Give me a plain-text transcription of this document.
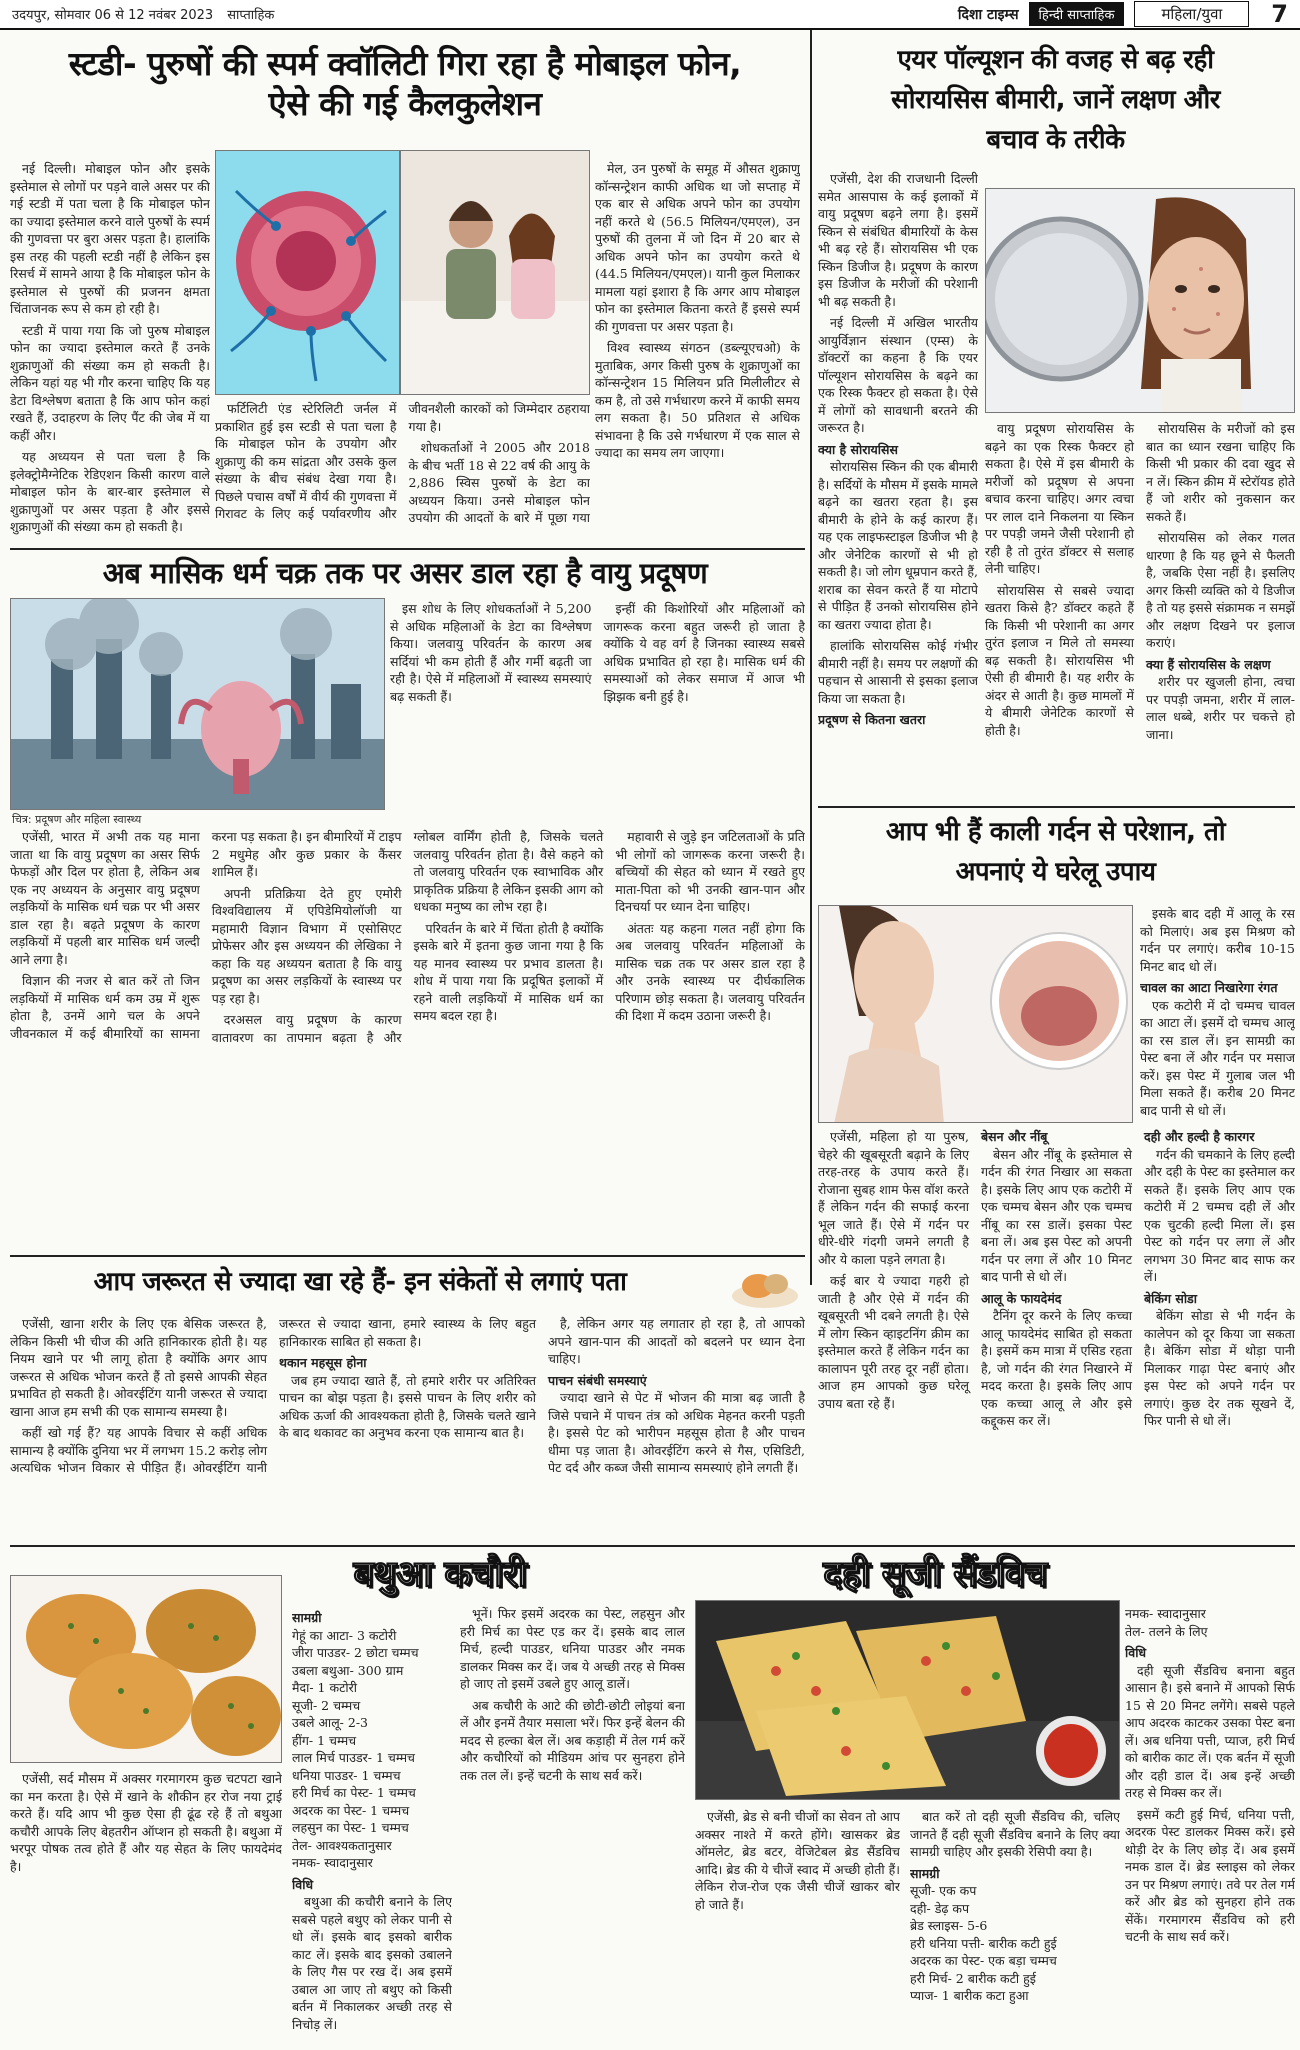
उदयपुर, सोमवार 06 से 12 नवंबर 2023 साप्ताहिक	दिशा टाइम्स	हिन्दी साप्ताहिक	महिला/युवा	7
स्टडी- पुरुषों की स्पर्म क्वॉलिटी गिरा रहा है मोबाइल फोन,
ऐसे की गई कैलकुलेशन

नई दिल्ली। मोबाइल फोन और इसके इस्तेमाल से लोगों पर पड़ने वाले असर पर की गई स्टडी में पता चला है कि मोबाइल फोन का ज्यादा इस्तेमाल करने वाले पुरुषों के स्पर्म की गुणवत्ता पर बुरा असर पड़ता है। हालांकि इस तरह की पहली स्टडी नहीं है लेकिन इस रिसर्च में सामने आया है कि मोबाइल फोन के इस्तेमाल से पुरुषों की प्रजनन क्षमता चिंताजनक रूप से कम हो रही है।

स्टडी में पाया गया कि जो पुरुष मोबाइल फोन का ज्यादा इस्तेमाल करते हैं उनके शुक्राणुओं की संख्या कम हो सकती है। लेकिन यहां यह भी गौर करना चाहिए कि यह डेटा विश्लेषण बताता है कि आप फोन कहां रखते हैं, उदाहरण के लिए पैंट की जेब में या कहीं और।

यह अध्ययन से पता चला है कि इलेक्ट्रोमैग्नेटिक रेडिएशन किसी कारण वाले मोबाइल फोन के बार-बार इस्तेमाल से शुक्राणुओं पर असर पड़ता है और इससे शुक्राणुओं की संख्या कम हो सकती है।

मेल, उन पुरुषों के समूह में औसत शुक्राणु कॉन्सन्ट्रेशन काफी अधिक था जो सप्ताह में एक बार से अधिक अपने फोन का उपयोग नहीं करते थे (56.5 मिलियन/एमएल), उन पुरुषों की तुलना में जो दिन में 20 बार से अधिक अपने फोन का उपयोग करते थे (44.5 मिलियन/एमएल)। यानी कुल मिलाकर मामला यहां इशारा है कि अगर आप मोबाइल फोन का इस्तेमाल कितना करते हैं इससे स्पर्म की गुणवत्ता पर असर पड़ता है।

विश्व स्वास्थ्य संगठन (डब्ल्यूएचओ) के मुताबिक, अगर किसी पुरुष के शुक्राणुओं का कॉन्सन्ट्रेशन 15 मिलियन प्रति मिलीलीटर से कम है, तो उसे गर्भधारण करने में काफी समय लग सकता है। 50 प्रतिशत से अधिक संभावना है कि उसे गर्भधारण में एक साल से ज्यादा का समय लग जाएगा।

फर्टिलिटी एंड स्टेरिलिटी जर्नल में प्रकाशित हुई इस स्टडी से पता चला है कि मोबाइल फोन के उपयोग और शुक्राणु की कम सांद्रता और उसके कुल संख्या के बीच संबंध देखा गया है। पिछले पचास वर्षों में वीर्य की गुणवत्ता में गिरावट के लिए कई पर्यावरणीय और जीवनशैली कारकों को जिम्मेदार ठहराया गया है।

शोधकर्ताओं ने 2005 और 2018 के बीच भर्ती 18 से 22 वर्ष की आयु के 2,886 स्विस पुरुषों के डेटा का अध्ययन किया। उनसे मोबाइल फोन उपयोग की आदतों के बारे में पूछा गया

अब मासिक धर्म चक्र तक पर असर डाल रहा है वायु प्रदूषण
चित्र: प्रदूषण और महिला स्वास्थ्य

इस शोध के लिए शोधकर्ताओं ने 5,200 से अधिक महिलाओं के डेटा का विश्लेषण किया। जलवायु परिवर्तन के कारण अब सर्दियां भी कम होती हैं और गर्मी बढ़ती जा रही है। ऐसे में महिलाओं में स्वास्थ्य समस्याएं बढ़ सकती हैं।

इन्हीं की किशोरियों और महिलाओं को जागरूक करना बहुत जरूरी हो जाता है क्योंकि ये वह वर्ग है जिनका स्वास्थ्य सबसे अधिक प्रभावित हो रहा है। मासिक धर्म की समस्याओं को लेकर समाज में आज भी झिझक बनी हुई है।

एजेंसी, भारत में अभी तक यह माना जाता था कि वायु प्रदूषण का असर सिर्फ फेफड़ों और दिल पर होता है, लेकिन अब एक नए अध्ययन के अनुसार वायु प्रदूषण लड़कियों के मासिक धर्म चक्र पर भी असर डाल रहा है। बढ़ते प्रदूषण के कारण लड़कियों में पहली बार मासिक धर्म जल्दी आने लगा है।

विज्ञान की नजर से बात करें तो जिन लड़कियों में मासिक धर्म कम उम्र में शुरू होता है, उनमें आगे चल के अपने जीवनकाल में कई बीमारियों का सामना करना पड़ सकता है। इन बीमारियों में टाइप 2 मधुमेह और कुछ प्रकार के कैंसर शामिल हैं।

अपनी प्रतिक्रिया देते हुए एमोरी विश्वविद्यालय में एपिडेमियोलॉजी या महामारी विज्ञान विभाग में एसोसिएट प्रोफेसर और इस अध्ययन की लेखिका ने कहा कि यह अध्ययन बताता है कि वायु प्रदूषण का असर लड़कियों के स्वास्थ्य पर पड़ रहा है।

दरअसल वायु प्रदूषण के कारण वातावरण का तापमान बढ़ता है और ग्लोबल वार्मिंग होती है, जिसके चलते जलवायु परिवर्तन होता है। वैसे कहने को तो जलवायु परिवर्तन एक स्वाभाविक और प्राकृतिक प्रक्रिया है लेकिन इसकी आग को धधका मनुष्य का लोभ रहा है।

परिवर्तन के बारे में चिंता होती है क्योंकि इसके बारे में इतना कुछ जाना गया है कि यह मानव स्वास्थ्य पर प्रभाव डालता है। शोध में पाया गया कि प्रदूषित इलाकों में रहने वाली लड़कियों में मासिक धर्म का समय बदल रहा है।

महावारी से जुड़े इन जटिलताओं के प्रति भी लोगों को जागरूक करना जरूरी है। बच्चियों की सेहत को ध्यान में रखते हुए माता-पिता को भी उनकी खान-पान और दिनचर्या पर ध्यान देना चाहिए।

अंततः यह कहना गलत नहीं होगा कि अब जलवायु परिवर्तन महिलाओं के मासिक चक्र तक पर असर डाल रहा है और उनके स्वास्थ्य पर दीर्घकालिक परिणाम छोड़ सकता है। जलवायु परिवर्तन की दिशा में कदम उठाना जरूरी है।

आप जरूरत से ज्यादा खा रहे हैं- इन संकेतों से लगाएं पता

एजेंसी, खाना शरीर के लिए एक बेसिक जरूरत है, लेकिन किसी भी चीज की अति हानिकारक होती है। यह नियम खाने पर भी लागू होता है क्योंकि अगर आप जरूरत से अधिक भोजन करते हैं तो इससे आपकी सेहत प्रभावित हो सकती है। ओवरईटिंग यानी जरूरत से ज्यादा खाना आज हम सभी की एक सामान्य समस्या है।

कहीं खो गई हैं? यह आपके विचार से कहीं अधिक सामान्य है क्योंकि दुनिया भर में लगभग 15.2 करोड़ लोग अत्यधिक भोजन विकार से पीड़ित हैं। ओवरईटिंग यानी जरूरत से ज्यादा खाना, हमारे स्वास्थ्य के लिए बहुत हानिकारक साबित हो सकता है।

थकान महसूस होना

जब हम ज्यादा खाते हैं, तो हमारे शरीर पर अतिरिक्त पाचन का बोझ पड़ता है। इससे पाचन के लिए शरीर को अधिक ऊर्जा की आवश्यकता होती है, जिसके चलते खाने के बाद थकावट का अनुभव करना एक सामान्य बात है।

है, लेकिन अगर यह लगातार हो रहा है, तो आपको अपने खान-पान की आदतों को बदलने पर ध्यान देना चाहिए।

पाचन संबंधी समस्याएं

ज्यादा खाने से पेट में भोजन की मात्रा बढ़ जाती है जिसे पचाने में पाचन तंत्र को अधिक मेहनत करनी पड़ती है। इससे पेट को भारीपन महसूस होता है और पाचन धीमा पड़ जाता है। ओवरईटिंग करने से गैस, एसिडिटी, पेट दर्द और कब्ज जैसी सामान्य समस्याएं होने लगती हैं।

एयर पॉल्यूशन की वजह से बढ़ रही
सोरायसिस बीमारी, जानें लक्षण और
बचाव के तरीके

एजेंसी, देश की राजधानी दिल्ली समेत आसपास के कई इलाकों में वायु प्रदूषण बढ़ने लगा है। इसमें स्किन से संबंधित बीमारियों के केस भी बढ़ रहे हैं। सोरायसिस भी एक स्किन डिजीज है। प्रदूषण के कारण इस डिजीज के मरीजों की परेशानी भी बढ़ सकती है।

नई दिल्ली में अखिल भारतीय आयुर्विज्ञान संस्थान (एम्स) के डॉक्टरों का कहना है कि एयर पॉल्यूशन सोरायसिस के बढ़ने का एक रिस्क फैक्टर हो सकता है। ऐसे में लोगों को सावधानी बरतने की जरूरत है।

क्या है सोरायसिस

सोरायसिस स्किन की एक बीमारी है। सर्दियों के मौसम में इसके मामले बढ़ने का खतरा रहता है। इस बीमारी के होने के कई कारण हैं। यह एक लाइफस्टाइल डिजीज भी है और जेनेटिक कारणों से भी हो सकती है। जो लोग धूम्रपान करते हैं, शराब का सेवन करते हैं या मोटापे से पीड़ित हैं उनको सोरायसिस होने का खतरा ज्यादा होता है।

हालांकि सोरायसिस कोई गंभीर बीमारी नहीं है। समय पर लक्षणों की पहचान से आसानी से इसका इलाज किया जा सकता है।

प्रदूषण से कितना खतरा

वायु प्रदूषण सोरायसिस के बढ़ने का एक रिस्क फैक्टर हो सकता है। ऐसे में इस बीमारी के मरीजों को प्रदूषण से अपना बचाव करना चाहिए। अगर त्वचा पर लाल दाने निकलना या स्किन पर पपड़ी जमने जैसी परेशानी हो रही है तो तुरंत डॉक्टर से सलाह लेनी चाहिए।

सोरायसिस से सबसे ज्यादा खतरा किसे है? डॉक्टर कहते हैं कि किसी भी परेशानी का अगर तुरंत इलाज न मिले तो समस्या बढ़ सकती है। सोरायसिस भी ऐसी ही बीमारी है। यह शरीर के अंदर से आती है। कुछ मामलों में ये बीमारी जेनेटिक कारणों से होती है।

सोरायसिस के मरीजों को इस बात का ध्यान रखना चाहिए कि किसी भी प्रकार की दवा खुद से न लें। स्किन क्रीम में स्टेरॉयड होते हैं जो शरीर को नुकसान कर सकते हैं।

सोरायसिस को लेकर गलत धारणा है कि यह छूने से फैलती है, जबकि ऐसा नहीं है। इसलिए अगर किसी व्यक्ति को ये डिजीज है तो यह इससे संक्रामक न समझें और लक्षण दिखने पर इलाज कराएं।

क्या हैं सोरायसिस के लक्षण

शरीर पर खुजली होना, त्वचा पर पपड़ी जमना, शरीर में लाल-लाल धब्बे, शरीर पर चकत्ते हो जाना।

आप भी हैं काली गर्दन से परेशान, तो
अपनाएं ये घरेलू उपाय

इसके बाद दही में आलू के रस को मिलाएं। अब इस मिश्रण को गर्दन पर लगाएं। करीब 10-15 मिनट बाद धो लें।

चावल का आटा निखारेगा रंगत

एक कटोरी में दो चम्मच चावल का आटा लें। इसमें दो चम्मच आलू का रस डाल लें। इन सामग्री का पेस्ट बना लें और गर्दन पर मसाज करें। इस पेस्ट में गुलाब जल भी मिला सकते हैं। करीब 20 मिनट बाद पानी से धो लें।

एजेंसी, महिला हो या पुरुष, चेहरे की खूबसूरती बढ़ाने के लिए तरह-तरह के उपाय करते हैं। रोजाना सुबह शाम फेस वॉश करते हैं लेकिन गर्दन की सफाई करना भूल जाते हैं। ऐसे में गर्दन पर धीरे-धीरे गंदगी जमने लगती है और ये काला पड़ने लगता है।

कई बार ये ज्यादा गहरी हो जाती है और ऐसे में गर्दन की खूबसूरती भी दबने लगती है। ऐसे में लोग स्किन व्हाइटनिंग क्रीम का इस्तेमाल करते हैं लेकिन गर्दन का कालापन पूरी तरह दूर नहीं होता। आज हम आपको कुछ घरेलू उपाय बता रहे हैं।

बेसन और नींबू

बेसन और नींबू के इस्तेमाल से गर्दन की रंगत निखार आ सकता है। इसके लिए आप एक कटोरी में एक चम्मच बेसन और एक चम्मच नींबू का रस डालें। इसका पेस्ट बना लें। अब इस पेस्ट को अपनी गर्दन पर लगा लें और 10 मिनट बाद पानी से धो लें।

आलू के फायदेमंद

टैनिंग दूर करने के लिए कच्चा आलू फायदेमंद साबित हो सकता है। इसमें कम मात्रा में एसिड रहता है, जो गर्दन की रंगत निखारने में मदद करता है। इसके लिए आप एक कच्चा आलू ले और इसे कद्दूकस कर लें।

दही और हल्दी है कारगर

गर्दन की चमकाने के लिए हल्दी और दही के पेस्ट का इस्तेमाल कर सकते हैं। इसके लिए आप एक कटोरी में 2 चम्मच दही लें और एक चुटकी हल्दी मिला लें। इस पेस्ट को गर्दन पर लगा लें और लगभग 30 मिनट बाद साफ कर लें।

बेकिंग सोडा

बेकिंग सोडा से भी गर्दन के कालेपन को दूर किया जा सकता है। बेकिंग सोडा में थोड़ा पानी मिलाकर गाढ़ा पेस्ट बनाएं और इस पेस्ट को अपने गर्दन पर लगाएं। कुछ देर तक सूखने दें, फिर पानी से धो लें।

बथुआ कचौरी

एजेंसी, सर्द मौसम में अक्सर गरमागरम कुछ चटपटा खाने का मन करता है। ऐसे में खाने के शौकीन हर रोज नया ट्राई करते हैं। यदि आप भी कुछ ऐसा ही ढूंढ रहे हैं तो बथुआ कचौरी आपके लिए बेहतरीन ऑप्शन हो सकती है। बथुआ में भरपूर पोषक तत्व होते हैं और यह सेहत के लिए फायदेमंद है।

सामग्री
गेहूं का आटा- 3 कटोरी
जीरा पाउडर- 2 छोटा चम्मच
उबला बथुआ- 300 ग्राम
मैदा- 1 कटोरी
सूजी- 2 चम्मच
उबले आलू- 2-3
हींग- 1 चम्मच
लाल मिर्च पाउडर- 1 चम्मच
धनिया पाउडर- 1 चम्मच
हरी मिर्च का पेस्ट- 1 चम्मच
अदरक का पेस्ट- 1 चम्मच
लहसुन का पेस्ट- 1 चम्मच
तेल- आवश्यकतानुसार
नमक- स्वादानुसार
विधि

बथुआ की कचौरी बनाने के लिए सबसे पहले बथुए को लेकर पानी से धो लें। इसके बाद इसको बारीक काट लें। इसके बाद इसको उबालने के लिए गैस पर रख दें। अब इसमें उबाल आ जाए तो बथुए को किसी बर्तन में निकालकर अच्छी तरह से निचोड़ लें।

भूनें। फिर इसमें अदरक का पेस्ट, लहसुन और हरी मिर्च का पेस्ट एड कर दें। इसके बाद लाल मिर्च, हल्दी पाउडर, धनिया पाउडर और नमक डालकर मिक्स कर दें। जब ये अच्छी तरह से मिक्स हो जाए तो इसमें उबले हुए आलू डालें।

अब कचौरी के आटे की छोटी-छोटी लोइयां बना लें और इनमें तैयार मसाला भरें। फिर इन्हें बेलन की मदद से हल्का बेल लें। अब कड़ाही में तेल गर्म करें और कचौरियों को मीडियम आंच पर सुनहरा होने तक तल लें। इन्हें चटनी के साथ सर्व करें।

दही सूजी सैंडविच
नमक- स्वादानुसार
तेल- तलने के लिए
विधि

दही सूजी सैंडविच बनाना बहुत आसान है। इसे बनाने में आपको सिर्फ 15 से 20 मिनट लगेंगे। सबसे पहले आप अदरक काटकर उसका पेस्ट बना लें। अब धनिया पत्ती, प्याज, हरी मिर्च को बारीक काट लें। एक बर्तन में सूजी और दही डाल दें। अब इन्हें अच्छी तरह से मिक्स कर लें।

इसमें कटी हुई मिर्च, धनिया पत्ती, अदरक पेस्ट डालकर मिक्स करें। इसे थोड़ी देर के लिए छोड़ दें। अब इसमें नमक डाल दें। ब्रेड स्लाइस को लेकर उन पर मिश्रण लगाएं। तवे पर तेल गर्म करें और ब्रेड को सुनहरा होने तक सेंकें। गरमागरम सैंडविच को हरी चटनी के साथ सर्व करें।

एजेंसी, ब्रेड से बनी चीजों का सेवन तो आप अक्सर नाश्ते में करते होंगे। खासकर ब्रेड ऑमलेट, ब्रेड बटर, वेजिटेबल ब्रेड सैंडविच आदि। ब्रेड की ये चीजें स्वाद में अच्छी होती हैं। लेकिन रोज-रोज एक जैसी चीजें खाकर बोर हो जाते हैं।

बात करें तो दही सूजी सैंडविच की, चलिए जानते हैं दही सूजी सैंडविच बनाने के लिए क्या सामग्री चाहिए और इसकी रेसिपी क्या है।

सामग्री
सूजी- एक कप
दही- डेढ़ कप
ब्रेड स्लाइस- 5-6
हरी धनिया पत्ती- बारीक कटी हुई
अदरक का पेस्ट- एक बड़ा चम्मच
हरी मिर्च- 2 बारीक कटी हुई
प्याज- 1 बारीक कटा हुआ
